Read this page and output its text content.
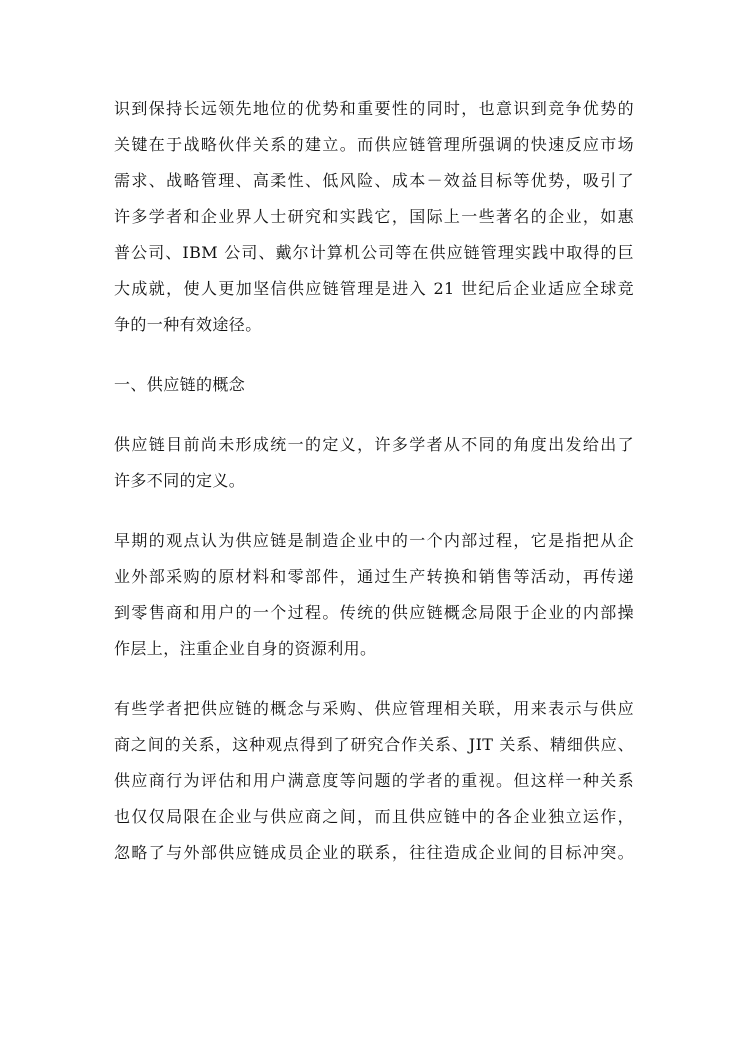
识到保持长远领先地位的优势和重要性的同时，也意识到竞争优势的
关键在于战略伙伴关系的建立。而供应链管理所强调的快速反应市场
需求、战略管理、高柔性、低风险、成本－效益目标等优势，吸引了
许多学者和企业界人士研究和实践它，国际上一些著名的企业，如惠
普公司、IBM 公司、戴尔计算机公司等在供应链管理实践中取得的巨
大成就，使人更加坚信供应链管理是进入 21 世纪后企业适应全球竞
争的一种有效途径。
一、供应链的概念
供应链目前尚未形成统一的定义，许多学者从不同的角度出发给出了
许多不同的定义。
早期的观点认为供应链是制造企业中的一个内部过程，它是指把从企
业外部采购的原材料和零部件，通过生产转换和销售等活动，再传递
到零售商和用户的一个过程。传统的供应链概念局限于企业的内部操
作层上，注重企业自身的资源利用。
有些学者把供应链的概念与采购、供应管理相关联，用来表示与供应
商之间的关系，这种观点得到了研究合作关系、JIT 关系、精细供应、
供应商行为评估和用户满意度等问题的学者的重视。但这样一种关系
也仅仅局限在企业与供应商之间，而且供应链中的各企业独立运作，
忽略了与外部供应链成员企业的联系，往往造成企业间的目标冲突。
